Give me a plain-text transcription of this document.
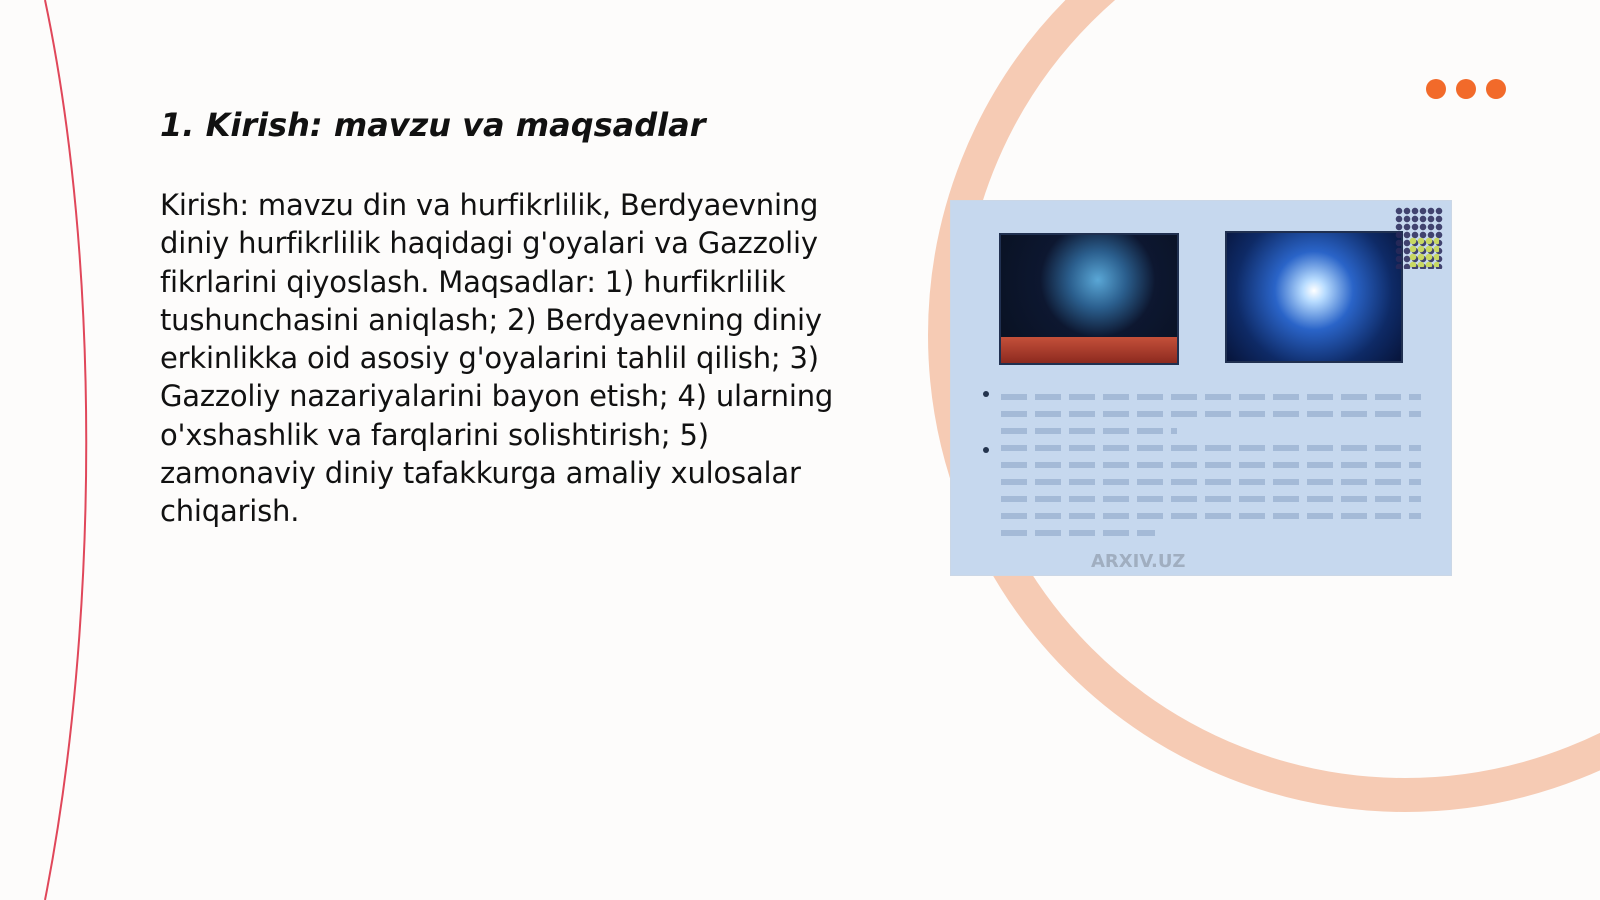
1. Kirish: mavzu va maqsadlar

Kirish: mavzu din va hurfikrlilik, Berdyaevning diniy hurfikrlilik haqidagi g'oyalari va Gazzoliy fikrlarini qiyoslash. Maqsadlar: 1) hurfikrlilik tushunchasini aniqlash; 2) Berdyaevning diniy erkinlikka oid asosiy g'oyalarini tahlil qilish; 3) Gazzoliy nazariyalarini bayon etish; 4) ularning o'xshashlik va farqlarini solishtirish; 5) zamonaviy diniy tafakkurga amaliy xulosalar chiqarish.

ARXIV.UZ
